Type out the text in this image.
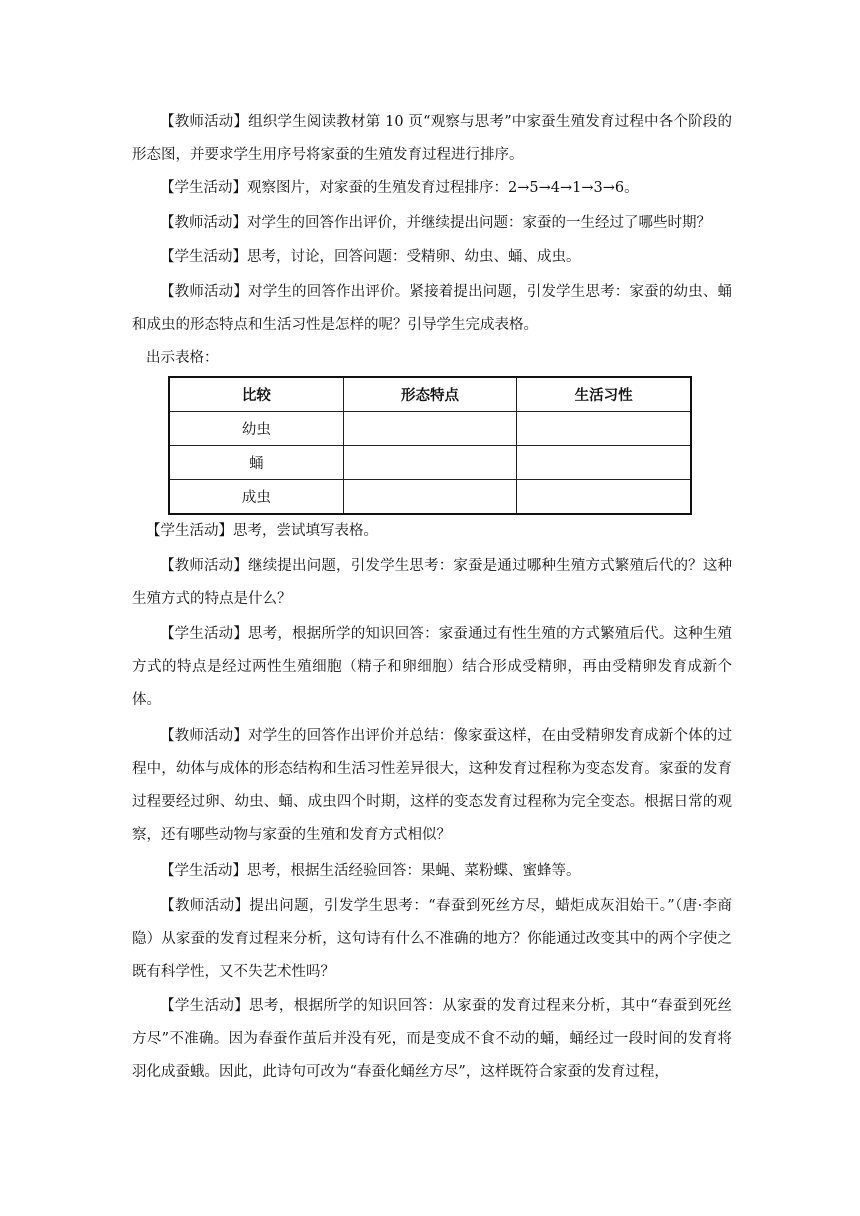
【教师活动】组织学生阅读教材第 10 页“观察与思考”中家蚕生殖发育过程中各个阶段的形态图，并要求学生用序号将家蚕的生殖发育过程进行排序。

【学生活动】观察图片，对家蚕的生殖发育过程排序：2→5→4→1→3→6。

【教师活动】对学生的回答作出评价，并继续提出问题：家蚕的一生经过了哪些时期？

【学生活动】思考，讨论，回答问题：受精卵、幼虫、蛹、成虫。

【教师活动】对学生的回答作出评价。紧接着提出问题，引发学生思考：家蚕的幼虫、蛹和成虫的形态特点和生活习性是怎样的呢？引导学生完成表格。

出示表格：

比较	形态特点	生活习性
幼虫		
蛹		
成虫		

【学生活动】思考，尝试填写表格。

【教师活动】继续提出问题，引发学生思考：家蚕是通过哪种生殖方式繁殖后代的？这种生殖方式的特点是什么？

【学生活动】思考，根据所学的知识回答：家蚕通过有性生殖的方式繁殖后代。这种生殖方式的特点是经过两性生殖细胞（精子和卵细胞）结合形成受精卵，再由受精卵发育成新个体。

【教师活动】对学生的回答作出评价并总结：像家蚕这样，在由受精卵发育成新个体的过程中，幼体与成体的形态结构和生活习性差异很大，这种发育过程称为变态发育。家蚕的发育过程要经过卵、幼虫、蛹、成虫四个时期，这样的变态发育过程称为完全变态。根据日常的观察，还有哪些动物与家蚕的生殖和发育方式相似？

【学生活动】思考，根据生活经验回答：果蝇、菜粉蝶、蜜蜂等。

【教师活动】提出问题，引发学生思考：“春蚕到死丝方尽，蜡炬成灰泪始干。”（唐·李商隐）从家蚕的发育过程来分析，这句诗有什么不准确的地方？你能通过改变其中的两个字使之既有科学性，又不失艺术性吗？

【学生活动】思考，根据所学的知识回答：从家蚕的发育过程来分析，其中“春蚕到死丝方尽”不准确。因为春蚕作茧后并没有死，而是变成不食不动的蛹，蛹经过一段时间的发育将羽化成蚕蛾。因此，此诗句可改为“春蚕化蛹丝方尽”，这样既符合家蚕的发育过程，
